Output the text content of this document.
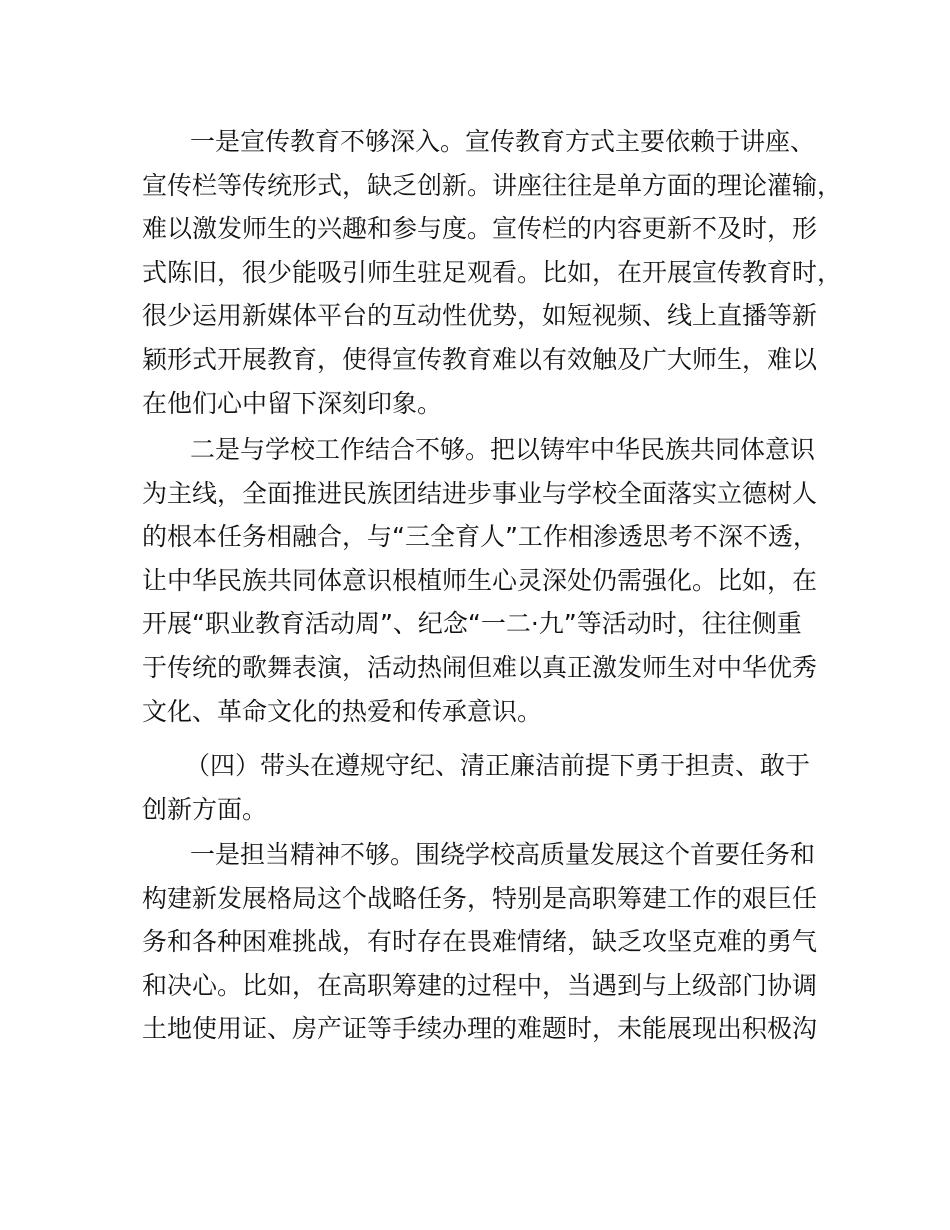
一是宣传教育不够深入。宣传教育方式主要依赖于讲座、
宣传栏等传统形式，缺乏创新。讲座往往是单方面的理论灌输，
难以激发师生的兴趣和参与度。宣传栏的内容更新不及时，形
式陈旧，很少能吸引师生驻足观看。比如，在开展宣传教育时，
很少运用新媒体平台的互动性优势，如短视频、线上直播等新
颖形式开展教育，使得宣传教育难以有效触及广大师生，难以
在他们心中留下深刻印象。
二是与学校工作结合不够。把以铸牢中华民族共同体意识
为主线，全面推进民族团结进步事业与学校全面落实立德树人
的根本任务相融合，与“三全育人”工作相渗透思考不深不透，
让中华民族共同体意识根植师生心灵深处仍需强化。比如，在
开展“职业教育活动周”、纪念“一二·九”等活动时，往往侧重
于传统的歌舞表演，活动热闹但难以真正激发师生对中华优秀
文化、革命文化的热爱和传承意识。
（四）带头在遵规守纪、清正廉洁前提下勇于担责、敢于
创新方面。
一是担当精神不够。围绕学校高质量发展这个首要任务和
构建新发展格局这个战略任务，特别是高职筹建工作的艰巨任
务和各种困难挑战，有时存在畏难情绪，缺乏攻坚克难的勇气
和决心。比如，在高职筹建的过程中，当遇到与上级部门协调
土地使用证、房产证等手续办理的难题时，未能展现出积极沟
